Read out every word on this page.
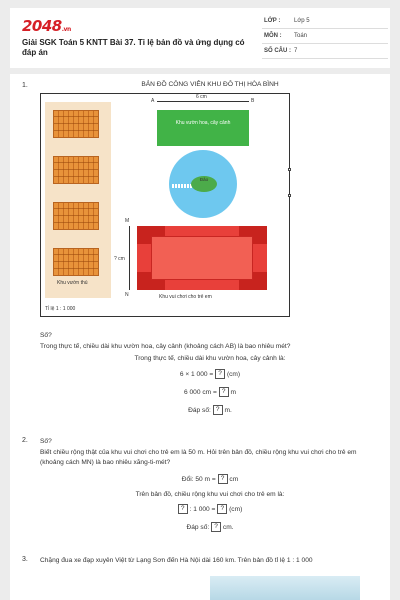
2048.vn
Giải SGK Toán 5 KNTT Bài 37. Tỉ lệ bản đồ và ứng dụng có đáp án
LỚP : Lớp 5
MÔN : Toán
SỐ CÂU : 7
1.	BẢN ĐỒ CÔNG VIÊN KHU ĐÔ THỊ HÒA BÌNH
Khu vườn thú
A	B
6 cm
Khu vườn hoa, cây cảnh
Đảo
M
N
? cm
Khu vui chơi cho trẻ em
Tỉ lệ 1 : 1 000
Số?
Trong thực tế, chiều dài khu vườn hoa, cây cảnh (khoảng cách AB) là bao nhiêu mét?
Trong thực tế, chiều dài khu vườn hoa, cây cảnh là:
6 × 1 000 = ? (cm)
6 000 cm = ? m
Đáp số: ? m.
2. Số?
Biết chiều rộng thật của khu vui chơi cho trẻ em là 50 m. Hỏi trên bản đồ, chiều rộng khu vui chơi cho trẻ em (khoảng cách MN) là bao nhiêu xăng-ti-mét?
Đổi: 50 m = ? cm
Trên bản đồ, chiều rộng khu vui chơi cho trẻ em là:
? : 1 000 = ? (cm)
Đáp số: ? cm.
3. Chặng đua xe đạp xuyên Việt từ Lạng Sơn đến Hà Nội dài 160 km. Trên bản đồ tỉ lệ 1 : 1 000
